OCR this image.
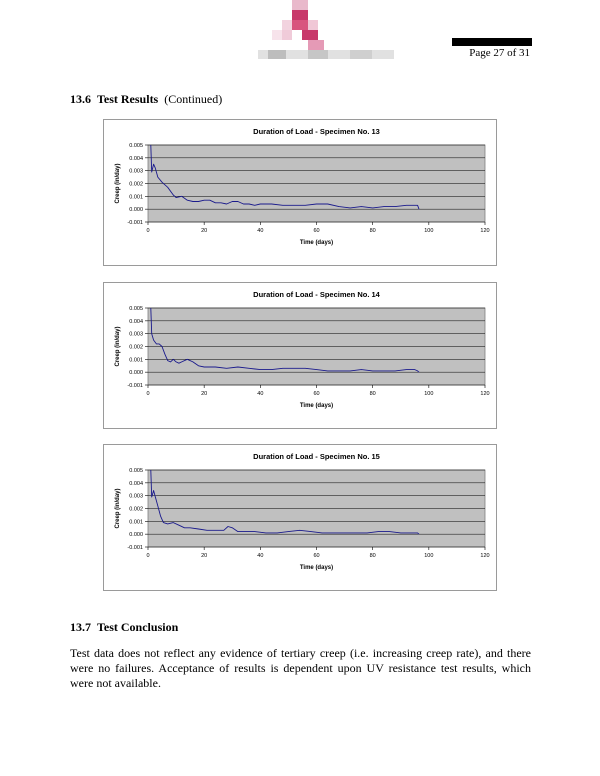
Page 27 of 31
13.6 Test Results (Continued)
Duration of Load - Specimen No. 13
-0.001
0.000
0.001
0.002
0.003
0.004
0.005
0	20	40	60	80	100	120
Time (days)
Creep (in/day)
Duration of Load - Specimen No. 14
-0.001
0.000
0.001
0.002
0.003
0.004
0.005
0	20	40	60	80	100	120
Time (days)
Creep (in/day)
Duration of Load - Specimen No. 15
-0.001
0.000
0.001
0.002
0.003
0.004
0.005
0	20	40	60	80	100	120
Time (days)
Creep (in/day)
13.7 Test Conclusion
Test data does not reflect any evidence of tertiary creep (i.e. increasing creep rate), and there were no failures. Acceptance of results is dependent upon UV resistance test results, which were not available.
